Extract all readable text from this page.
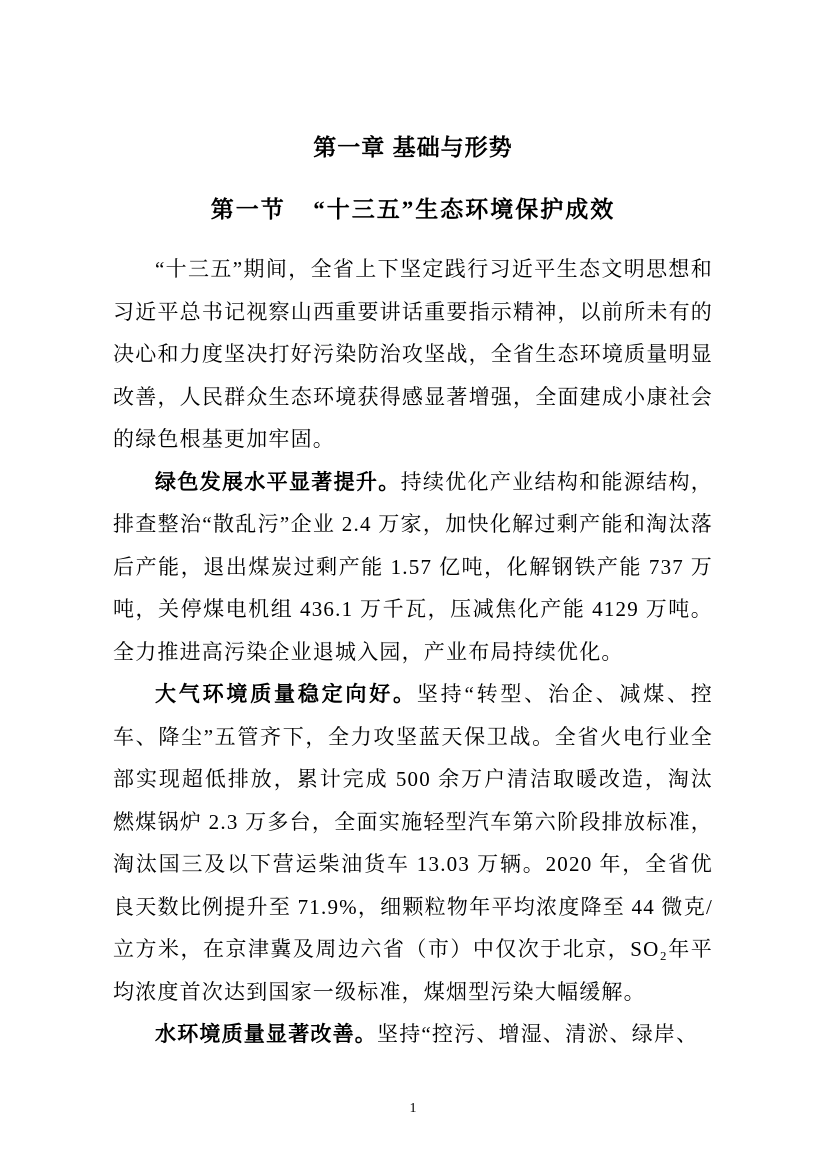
第一章 基础与形势
第一节 “十三五”生态环境保护成效

“十三五”期间，全省上下坚定践行习近平生态文明思想和习近平总书记视察山西重要讲话重要指示精神，以前所未有的决心和力度坚决打好污染防治攻坚战，全省生态环境质量明显改善，人民群众生态环境获得感显著增强，全面建成小康社会的绿色根基更加牢固。

绿色发展水平显著提升。持续优化产业结构和能源结构，排查整治“散乱污”企业 2.4 万家，加快化解过剩产能和淘汰落后产能，退出煤炭过剩产能 1.57 亿吨，化解钢铁产能 737 万吨，关停煤电机组 436.1 万千瓦，压减焦化产能 4129 万吨。全力推进高污染企业退城入园，产业布局持续优化。

大气环境质量稳定向好。坚持“转型、治企、减煤、控车、降尘”五管齐下，全力攻坚蓝天保卫战。全省火电行业全部实现超低排放，累计完成 500 余万户清洁取暖改造，淘汰燃煤锅炉 2.3 万多台，全面实施轻型汽车第六阶段排放标准，淘汰国三及以下营运柴油货车 13.03 万辆。2020 年，全省优良天数比例提升至 71.9%，细颗粒物年平均浓度降至 44 微克/立方米，在京津冀及周边六省（市）中仅次于北京，SO₂年平均浓度首次达到国家一级标准，煤烟型污染大幅缓解。

水环境质量显著改善。坚持“控污、增湿、清淤、绿岸、

1
